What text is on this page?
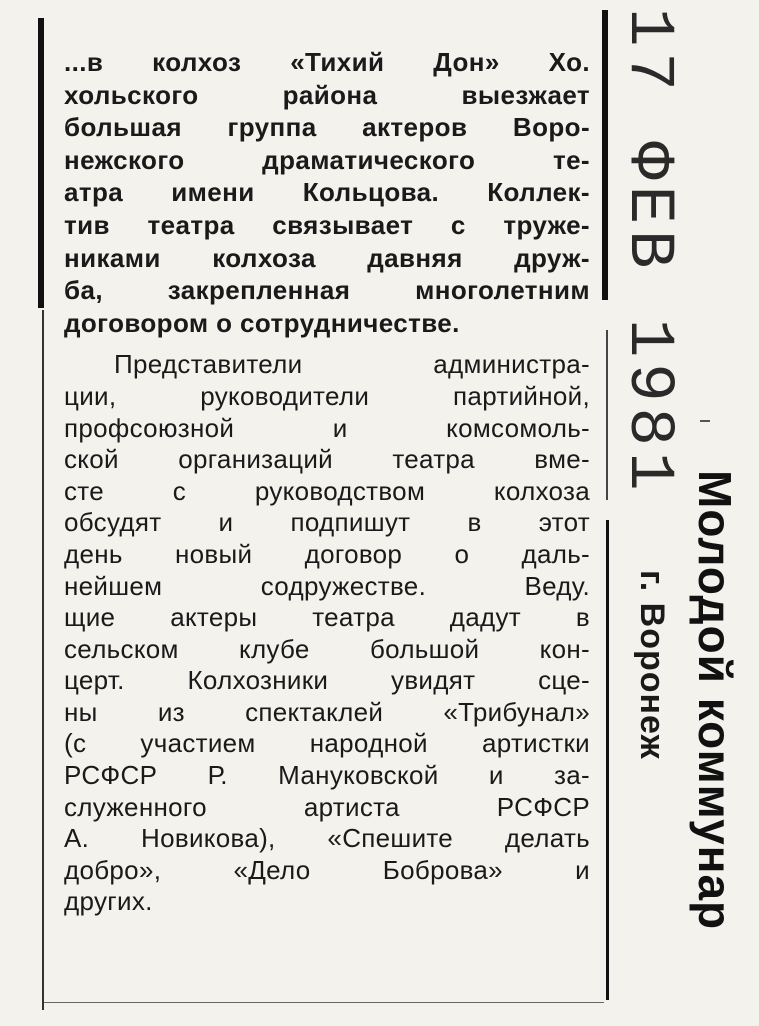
...в колхоз «Тихий Дон» Хо.
хольского района выезжает
большая группа актеров Воро-
нежского драматического те-
атра имени Кольцова. Коллек-
тив театра связывает с труже-
никами колхоза давняя друж-
ба, закрепленная многолетним
договором о сотрудничестве.
Представители администра-
ции, руководители партийной,
профсоюзной и комсомоль-
ской организаций театра вме-
сте с руководством колхоза
обсудят и подпишут в этот
день новый договор о даль-
нейшем содружестве. Веду.
щие актеры театра дадут в
сельском клубе большой кон-
церт. Колхозники увидят сце-
ны из спектаклей «Трибунал»
(с участием народной артистки
РСФСР Р. Мануковской и за-
служенного артиста РСФСР
А. Новикова), «Спешите делать
добро», «Дело Боброва» и
других.
17 ФЕВ 1981
Молодой коммунар
г. Воронеж
